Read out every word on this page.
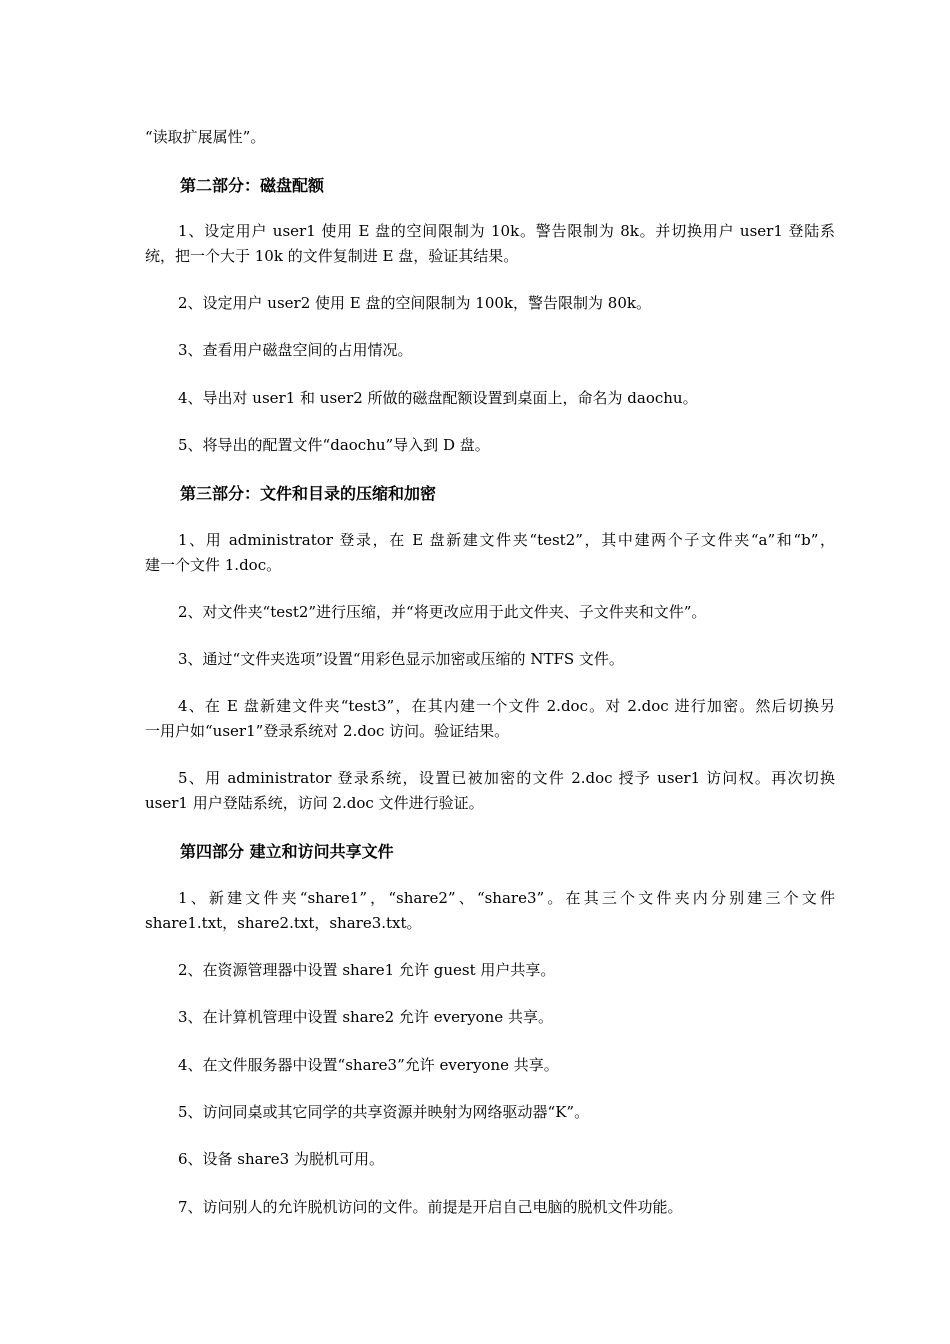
“读取扩展属性”。
第二部分：磁盘配额
1、设定用户 user1 使用 E 盘的空间限制为 10k。警告限制为 8k。并切换用户 user1 登陆系
统，把一个大于 10k 的文件复制进 E 盘，验证其结果。
2、设定用户 user2 使用 E 盘的空间限制为 100k，警告限制为 80k。
3、查看用户磁盘空间的占用情况。
4、导出对 user1 和 user2 所做的磁盘配额设置到桌面上，命名为 daochu。
5、将导出的配置文件“daochu”导入到 D 盘。
第三部分：文件和目录的压缩和加密
1、用 administrator 登录，在 E 盘新建文件夹“test2”，其中建两个子文件夹“a”和“b”，
建一个文件 1.doc。
2、对文件夹“test2”进行压缩，并“将更改应用于此文件夹、子文件夹和文件”。
3、通过“文件夹选项”设置“用彩色显示加密或压缩的 NTFS 文件。
4、在 E 盘新建文件夹“test3”，在其内建一个文件 2.doc。对 2.doc 进行加密。然后切换另
一用户如“user1”登录系统对 2.doc 访问。验证结果。
5、用 administrator 登录系统，设置已被加密的文件 2.doc 授予 user1 访问权。再次切换
user1 用户登陆系统，访问 2.doc 文件进行验证。
第四部分 建立和访问共享文件
1、新建文件夹“share1”，“share2”、“share3”。在其三个文件夹内分别建三个文件
share1.txt，share2.txt，share3.txt。
2、在资源管理器中设置 share1 允许 guest 用户共享。
3、在计算机管理中设置 share2 允许 everyone 共享。
4、在文件服务器中设置“share3”允许 everyone 共享。
5、访问同桌或其它同学的共享资源并映射为网络驱动器“K”。
6、设备 share3 为脱机可用。
7、访问别人的允许脱机访问的文件。前提是开启自己电脑的脱机文件功能。
